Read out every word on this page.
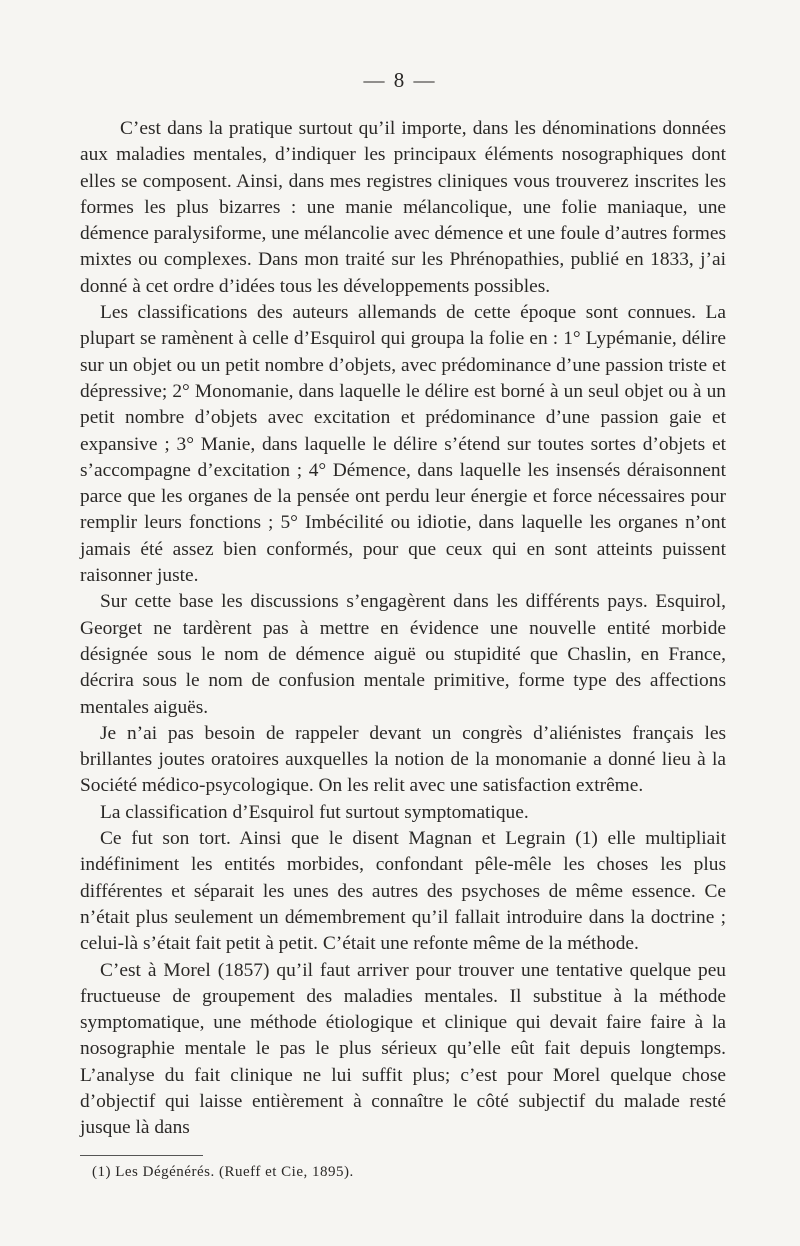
— 8 —

C’est dans la pratique surtout qu’il importe, dans les dénominations données aux maladies mentales, d’indiquer les principaux éléments nosographiques dont elles se composent. Ainsi, dans mes registres cliniques vous trouverez inscrites les formes les plus bizarres : une manie mélancolique, une folie maniaque, une démence paralysiforme, une mélancolie avec démence et une foule d’autres formes mixtes ou complexes. Dans mon traité sur les Phrénopathies, publié en 1833, j’ai donné à cet ordre d’idées tous les développements possibles.

Les classifications des auteurs allemands de cette époque sont connues. La plupart se ramènent à celle d’Esquirol qui groupa la folie en : 1° Lypémanie, délire sur un objet ou un petit nombre d’objets, avec prédominance d’une passion triste et dépressive; 2° Monomanie, dans laquelle le délire est borné à un seul objet ou à un petit nombre d’objets avec excitation et prédominance d’une passion gaie et expansive ; 3° Manie, dans laquelle le délire s’étend sur toutes sortes d’objets et s’accompagne d’excitation ; 4° Démence, dans laquelle les insensés déraisonnent parce que les organes de la pensée ont perdu leur énergie et force nécessaires pour remplir leurs fonctions ; 5° Imbécilité ou idiotie, dans laquelle les organes n’ont jamais été assez bien conformés, pour que ceux qui en sont atteints puissent raisonner juste.

Sur cette base les discussions s’engagèrent dans les différents pays. Esquirol, Georget ne tardèrent pas à mettre en évidence une nouvelle entité morbide désignée sous le nom de démence aiguë ou stupidité que Chaslin, en France, décrira sous le nom de confusion mentale primitive, forme type des affections mentales aiguës.

Je n’ai pas besoin de rappeler devant un congrès d’aliénistes français les brillantes joutes oratoires auxquelles la notion de la monomanie a donné lieu à la Société médico-psycologique. On les relit avec une satisfaction extrême.

La classification d’Esquirol fut surtout symptomatique.

Ce fut son tort. Ainsi que le disent Magnan et Legrain (1) elle multipliait indéfiniment les entités morbides, confondant pêle-mêle les choses les plus différentes et séparait les unes des autres des psychoses de même essence. Ce n’était plus seulement un démembrement qu’il fallait introduire dans la doctrine ; celui-là s’était fait petit à petit. C’était une refonte même de la méthode.

C’est à Morel (1857) qu’il faut arriver pour trouver une tentative quelque peu fructueuse de groupement des maladies mentales. Il substitue à la méthode symptomatique, une méthode étiologique et clinique qui devait faire faire à la nosographie mentale le pas le plus sérieux qu’elle eût fait depuis longtemps. L’analyse du fait clinique ne lui suffit plus; c’est pour Morel quelque chose d’objectif qui laisse entièrement à connaître le côté subjectif du malade resté jusque là dans

(1) Les Dégénérés. (Rueff et Cie, 1895).
